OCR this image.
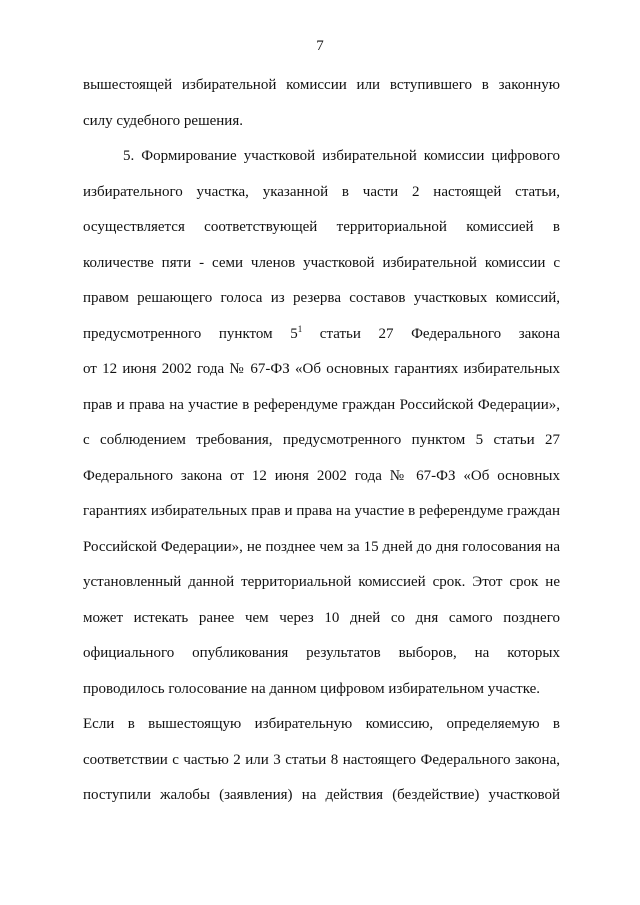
7
вышестоящей избирательной комиссии или вступившего в законную
силу судебного решения.
5. Формирование участковой избирательной комиссии цифрового
избирательного участка, указанной в части 2 настоящей статьи,
осуществляется соответствующей территориальной комиссией в
количестве пяти - семи членов участковой избирательной комиссии с
правом решающего голоса из резерва составов участковых комиссий,
предусмотренного пунктом $5^1$ статьи 27 Федерального закона
от 12 июня 2002 года № 67-ФЗ «Об основных гарантиях избирательных
прав и права на участие в референдуме граждан Российской Федерации»,
с соблюдением требования, предусмотренного пунктом 5 статьи 27
Федерального закона от 12 июня 2002 года № 67-ФЗ «Об основных
гарантиях избирательных прав и права на участие в референдуме граждан
Российской Федерации», не позднее чем за 15 дней до дня голосования на
установленный данной территориальной комиссией срок. Этот срок не
может истекать ранее чем через 10 дней со дня самого позднего
официального опубликования результатов выборов, на которых
проводилось голосование на данном цифровом избирательном участке.
Если в вышестоящую избирательную комиссию, определяемую в
соответствии с частью 2 или 3 статьи 8 настоящего Федерального закона,
поступили жалобы (заявления) на действия (бездействие) участковой
